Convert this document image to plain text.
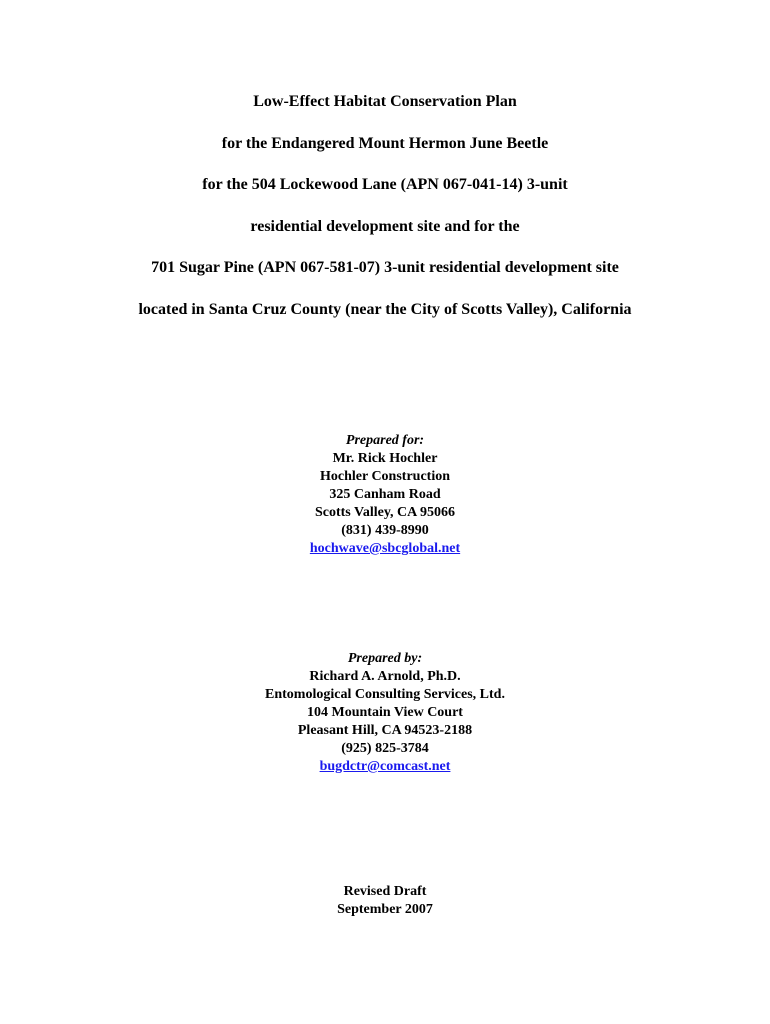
Low-Effect Habitat Conservation Plan
for the Endangered Mount Hermon June Beetle
for the 504 Lockewood Lane (APN 067-041-14) 3-unit
residential development site and for the
701 Sugar Pine (APN 067-581-07) 3-unit residential development site
located in Santa Cruz County (near the City of Scotts Valley), California
Prepared for:
Mr. Rick Hochler
Hochler Construction
325 Canham Road
Scotts Valley, CA 95066
(831) 439-8990
hochwave@sbcglobal.net
Prepared by:
Richard A. Arnold, Ph.D.
Entomological Consulting Services, Ltd.
104 Mountain View Court
Pleasant Hill, CA 94523-2188
(925) 825-3784
bugdctr@comcast.net
Revised Draft
September 2007
